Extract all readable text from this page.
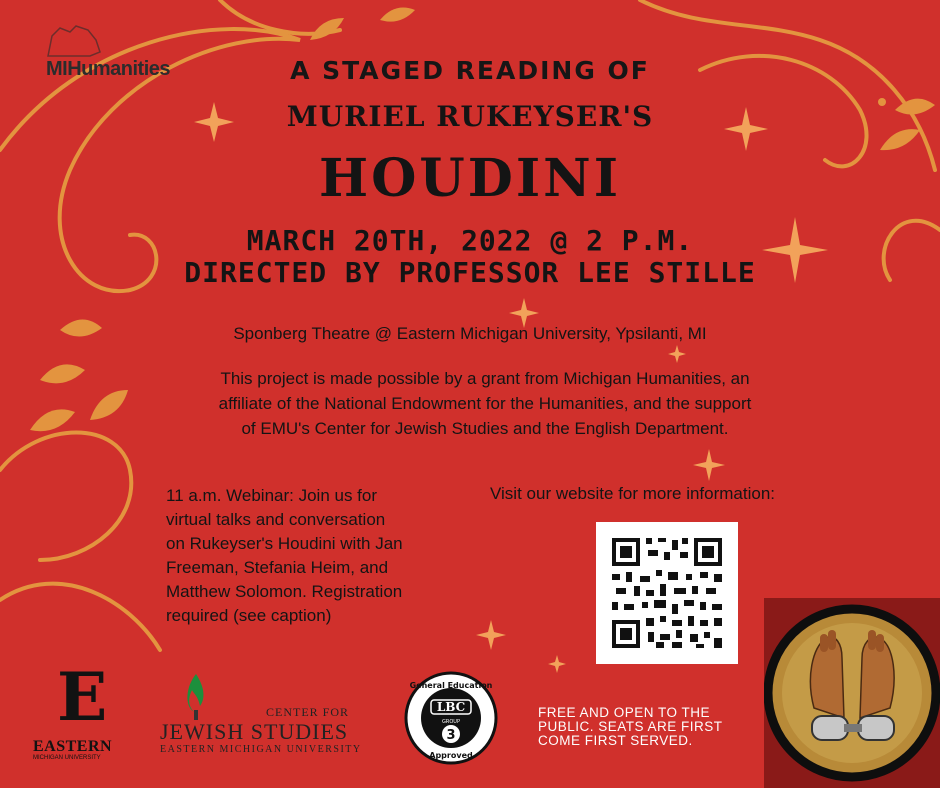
MIHumanities	A STAGED READING OF
MURIEL RUKEYSER'S
HOUDINI
MARCH 20TH, 2022 @ 2 P.M.
DIRECTED BY PROFESSOR LEE STILLE
Sponberg Theatre @ Eastern Michigan University, Ypsilanti, MI
This project is made possible by a grant from Michigan Humanities, an
affiliate of the National Endowment for the Humanities, and the support
of EMU's Center for Jewish Studies and the English Department.
11 a.m. Webinar: Join us for
virtual talks and conversation
on Rukeyser's Houdini with Jan
Freeman, Stefania Heim, and
Matthew Solomon. Registration
required (see caption)
Visit our website for more information:
E
EASTERN
MICHIGAN UNIVERSITY
CENTER FOR
JEWISH STUDIES
EASTERN MICHIGAN UNIVERSITY
General Education
Approved
LBC
GROUP
3
FREE AND OPEN TO THE
PUBLIC. SEATS ARE FIRST
COME FIRST SERVED.
